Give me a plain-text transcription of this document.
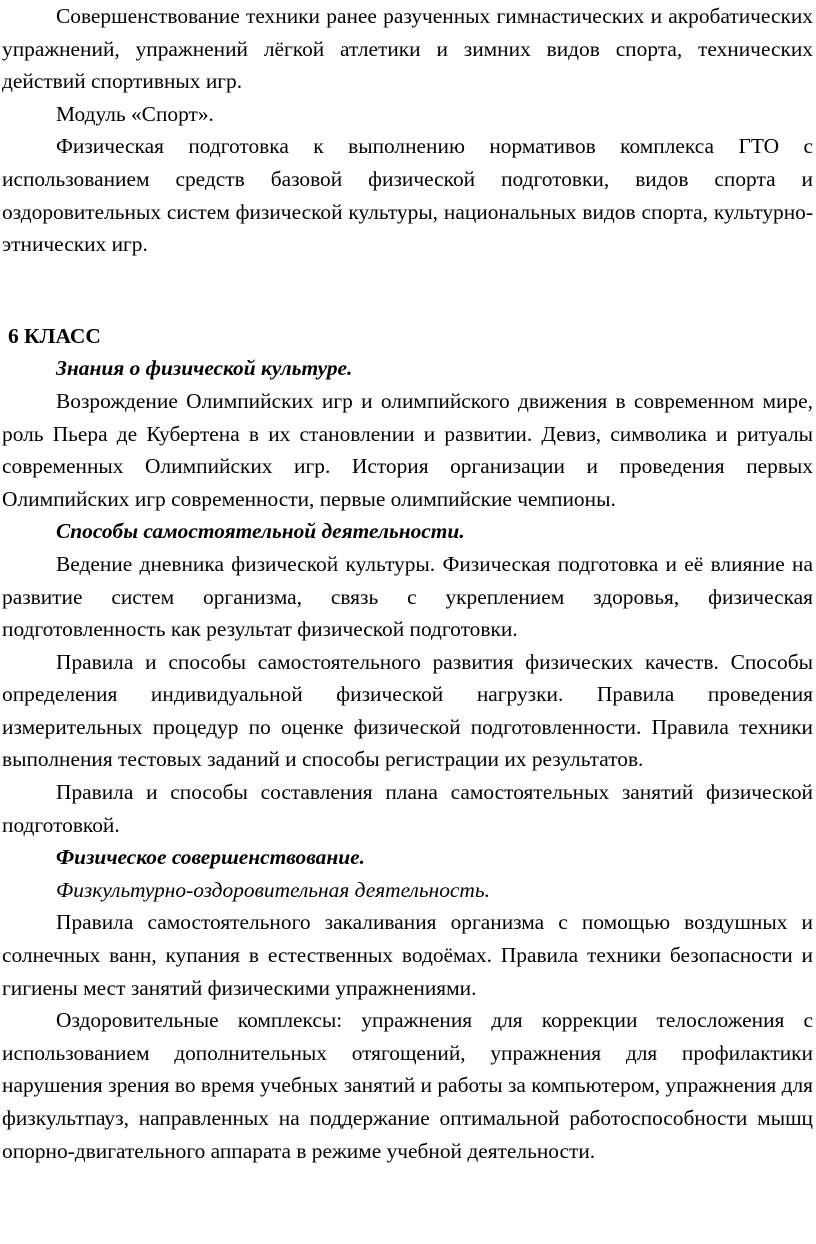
Совершенствование техники ранее разученных гимнастических и акробатических упражнений, упражнений лёгкой атлетики и зимних видов спорта, технических действий спортивных игр.

Модуль «Спорт».

Физическая подготовка к выполнению нормативов комплекса ГТО с использованием средств базовой физической подготовки, видов спорта и оздоровительных систем физической культуры, национальных видов спорта, культурно-этнических игр.

6 КЛАСС

Знания о физической культуре.

Возрождение Олимпийских игр и олимпийского движения в современном мире, роль Пьера де Кубертена в их становлении и развитии. Девиз, символика и ритуалы современных Олимпийских игр. История организации и проведения первых Олимпийских игр современности, первые олимпийские чемпионы.

Способы самостоятельной деятельности.

Ведение дневника физической культуры. Физическая подготовка и её влияние на развитие систем организма, связь с укреплением здоровья, физическая подготовленность как результат физической подготовки.

Правила и способы самостоятельного развития физических качеств. Способы определения индивидуальной физической нагрузки. Правила проведения измерительных процедур по оценке физической подготовленности. Правила техники выполнения тестовых заданий и способы регистрации их результатов.

Правила и способы составления плана самостоятельных занятий физической подготовкой.

Физическое совершенствование.

Физкультурно-оздоровительная деятельность.

Правила самостоятельного закаливания организма с помощью воздушных и солнечных ванн, купания в естественных водоёмах. Правила техники безопасности и гигиены мест занятий физическими упражнениями.

Оздоровительные комплексы: упражнения для коррекции телосложения с использованием дополнительных отягощений, упражнения для профилактики нарушения зрения во время учебных занятий и работы за компьютером, упражнения для физкультпауз, направленных на поддержание оптимальной работоспособности мышц опорно-двигательного аппарата в режиме учебной деятельности.
